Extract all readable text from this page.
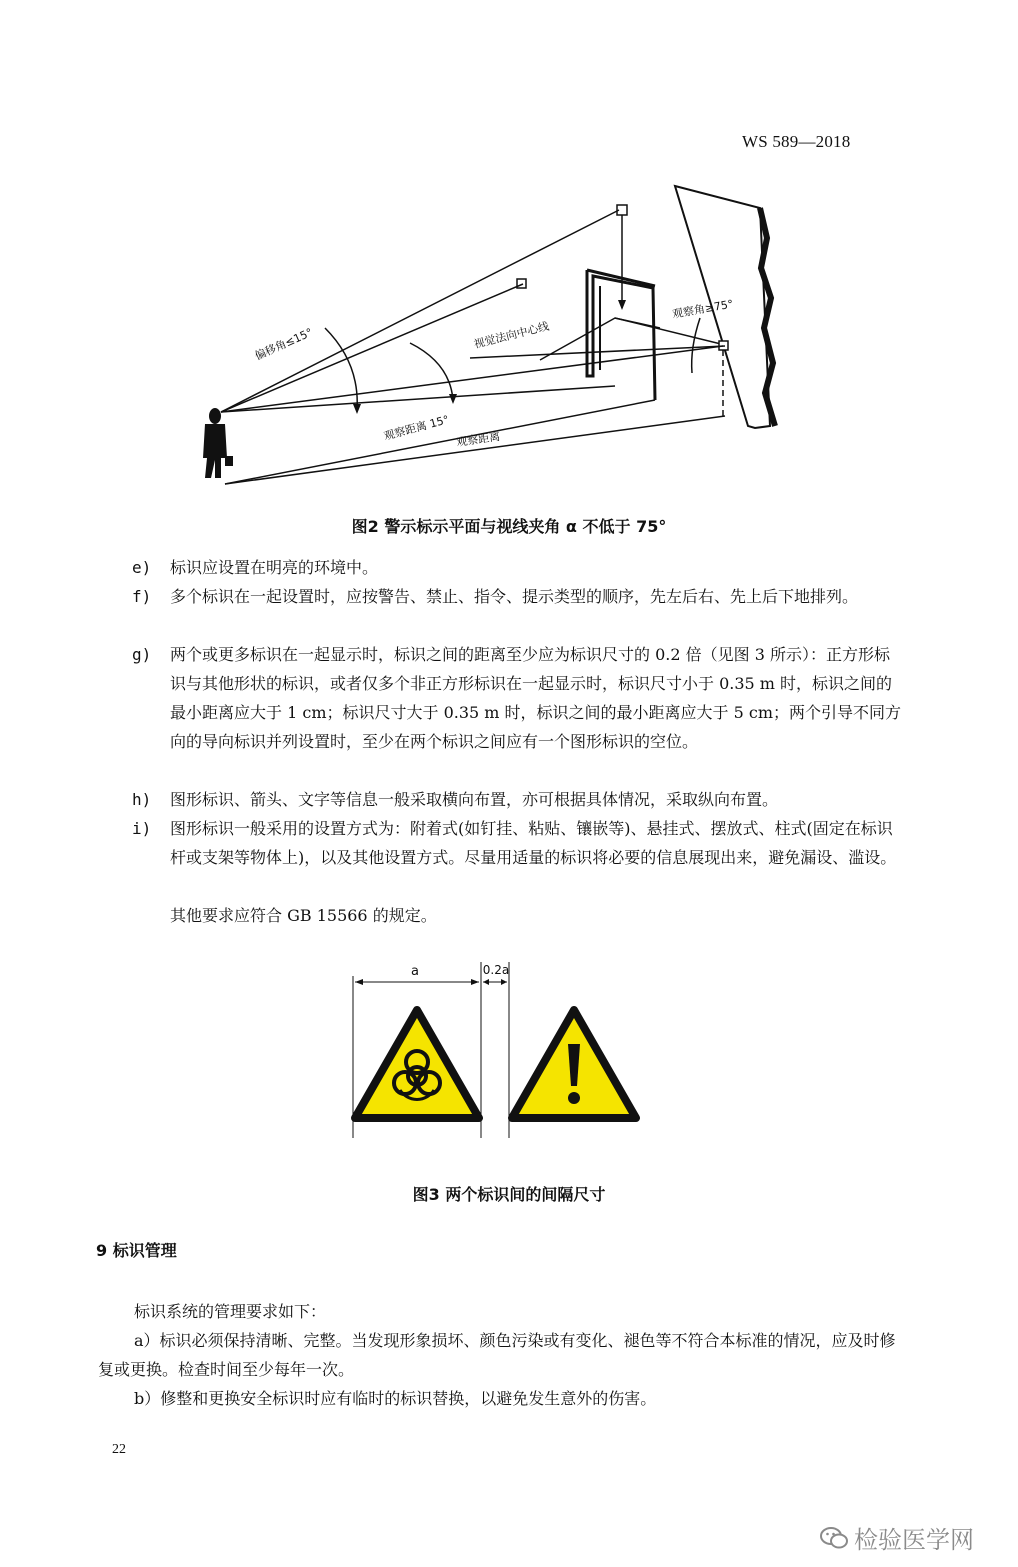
WS 589—2018
偏移角≤15°	视觉法向中心线
观察角≥75°
观察距离 15° 观察距离
图2 警示标示平面与视线夹角 α 不低于 75°
e)	标识应设置在明亮的环境中。
f)	多个标识在一起设置时，应按警告、禁止、指令、提示类型的顺序，先左后右、先上后下地排列。
g)	两个或更多标识在一起显示时，标识之间的距离至少应为标识尺寸的 0.2 倍（见图 3 所示）：正方形标识与其他形状的标识，或者仅多个非正方形标识在一起显示时，标识尺寸小于 0.35 m 时，标识之间的最小距离应大于 1 cm；标识尺寸大于 0.35 m 时，标识之间的最小距离应大于 5 cm；两个引导不同方向的导向标识并列设置时，至少在两个标识之间应有一个图形标识的空位。
h)	图形标识、箭头、文字等信息一般采取横向布置，亦可根据具体情况，采取纵向布置。
i)	图形标识一般采用的设置方式为：附着式(如钉挂、粘贴、镶嵌等)、悬挂式、摆放式、柱式(固定在标识杆或支架等物体上)，以及其他设置方式。尽量用适量的标识将必要的信息展现出来，避免漏设、滥设。
其他要求应符合 GB 15566 的规定。
a	0.2a
图3 两个标识间的间隔尺寸
9 标识管理
标识系统的管理要求如下：
a）标识必须保持清晰、完整。当发现形象损坏、颜色污染或有变化、褪色等不符合本标准的情况，应及时修复或更换。检查时间至少每年一次。
b）修整和更换安全标识时应有临时的标识替换，以避免发生意外的伤害。
22
检验医学网
